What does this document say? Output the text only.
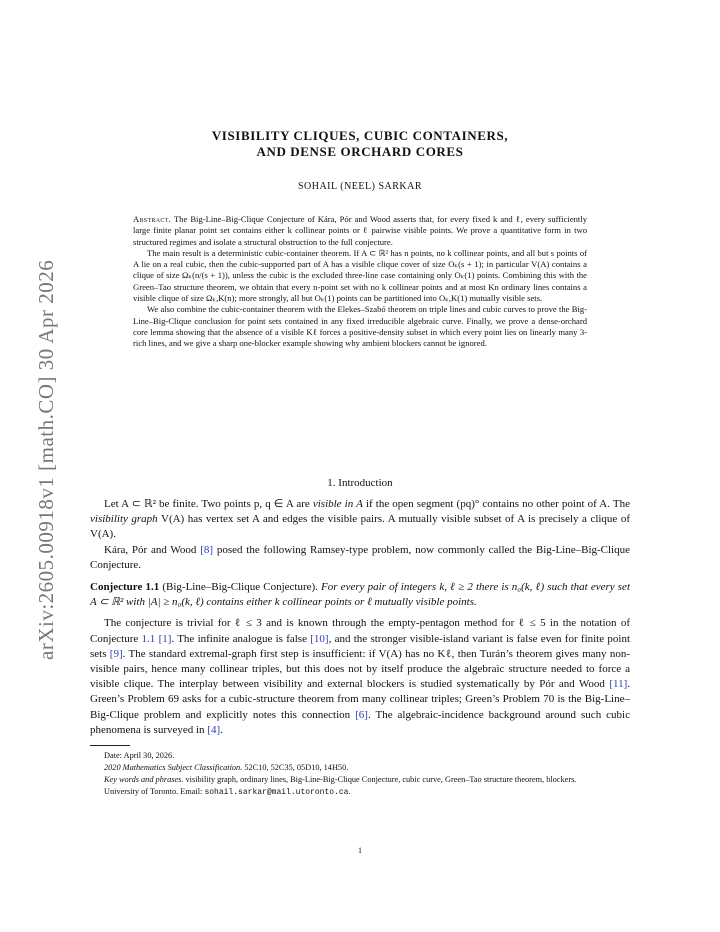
arXiv:2605.00918v1 [math.CO] 30 Apr 2026
VISIBILITY CLIQUES, CUBIC CONTAINERS,
AND DENSE ORCHARD CORES
SOHAIL (NEEL) SARKAR

Abstract. The Big-Line–Big-Clique Conjecture of Kára, Pór and Wood asserts that, for every fixed k and ℓ, every sufficiently large finite planar point set contains either k collinear points or ℓ pairwise visible points. We prove a quantitative form in two structured regimes and isolate a structural obstruction to the full conjecture.

The main result is a deterministic cubic-container theorem. If A ⊂ ℝ² has n points, no k collinear points, and all but s points of A lie on a real cubic, then the cubic-supported part of A has a visible clique cover of size Oₖ(s + 1); in particular V(A) contains a clique of size Ωₖ(n/(s + 1)), unless the cubic is the excluded three-line case containing only Oₖ(1) points. Combining this with the Green–Tao structure theorem, we obtain that every n-point set with no k collinear points and at most Kn ordinary lines contains a visible clique of size Ωₖ,K(n); more strongly, all but Oₖ(1) points can be partitioned into Oₖ,K(1) mutually visible sets.

We also combine the cubic-container theorem with the Elekes–Szabó theorem on triple lines and cubic curves to prove the Big-Line–Big-Clique conclusion for point sets contained in any fixed irreducible algebraic curve. Finally, we prove a dense-orchard core lemma showing that the absence of a visible Kℓ forces a positive-density subset in which every point lies on linearly many 3-rich lines, and we give a sharp one-blocker example showing why ambient blockers cannot be ignored.

1. Introduction

Let A ⊂ ℝ² be finite. Two points p, q ∈ A are visible in A if the open segment (pq)° contains no other point of A. The visibility graph V(A) has vertex set A and edges the visible pairs. A mutually visible subset of A is precisely a clique of V(A).

Kára, Pór and Wood [8] posed the following Ramsey-type problem, now commonly called the Big-Line–Big-Clique Conjecture.

Conjecture 1.1 (Big-Line–Big-Clique Conjecture). For every pair of integers k, ℓ ≥ 2 there is n₀(k, ℓ) such that every set A ⊂ ℝ² with |A| ≥ n₀(k, ℓ) contains either k collinear points or ℓ mutually visible points.

The conjecture is trivial for ℓ ≤ 3 and is known through the empty-pentagon method for ℓ ≤ 5 in the notation of Conjecture 1.1 [1]. The infinite analogue is false [10], and the stronger visible-island variant is false even for finite point sets [9]. The standard extremal-graph first step is insufficient: if V(A) has no Kℓ, then Turán’s theorem gives many non-visible pairs, hence many collinear triples, but this does not by itself produce the algebraic structure needed to force a visible clique. The interplay between visibility and external blockers is studied systematically by Pór and Wood [11]. Green’s Problem 69 asks for a cubic-structure theorem from many collinear triples; Green’s Problem 70 is the Big-Line–Big-Clique problem and explicitly notes this connection [6]. The algebraic-incidence background around such cubic phenomena is surveyed in [4].

Date: April 30, 2026.

2020 Mathematics Subject Classification. 52C10, 52C35, 05D10, 14H50.

Key words and phrases. visibility graph, ordinary lines, Big-Line-Big-Clique Conjecture, cubic curve, Green–Tao structure theorem, blockers.

University of Toronto. Email: sohail.sarkar@mail.utoronto.ca.

1
